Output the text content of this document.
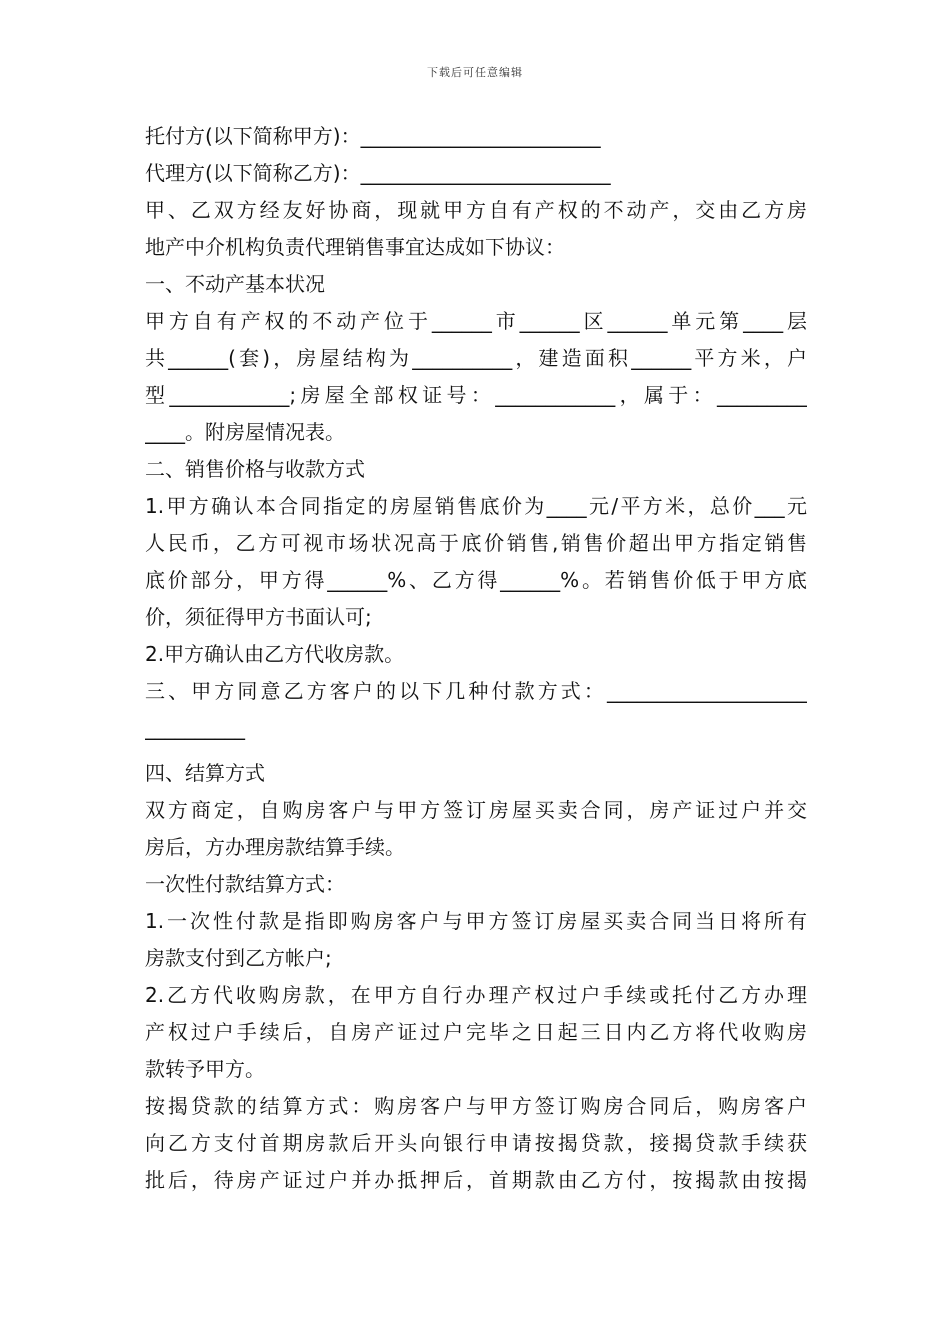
下载后可任意编辑
托付方(以下简称甲方)：________________________
代理方(以下简称乙方)：_________________________
甲、乙双方经友好协商，现就甲方自有产权的不动产，交由乙方房
地产中介机构负责代理销售事宜达成如下协议：
一、不动产基本状况
甲方自有产权的不动产位于______市______区______单元第____层
共______(套)，房屋结构为__________，建造面积______平方米，户
型____________;房屋全部权证号：____________，属于：_________
____。附房屋情况表。
二、销售价格与收款方式
1.甲方确认本合同指定的房屋销售底价为____元/平方米，总价___元
人民币，乙方可视市场状况高于底价销售,销售价超出甲方指定销售
底价部分，甲方得______%、乙方得______%。若销售价低于甲方底
价，须征得甲方书面认可;
2.甲方确认由乙方代收房款。
三、甲方同意乙方客户的以下几种付款方式：____________________
__________
四、结算方式
双方商定，自购房客户与甲方签订房屋买卖合同，房产证过户并交
房后，方办理房款结算手续。
一次性付款结算方式：
1.一次性付款是指即购房客户与甲方签订房屋买卖合同当日将所有
房款支付到乙方帐户;
2.乙方代收购房款，在甲方自行办理产权过户手续或托付乙方办理
产权过户手续后，自房产证过户完毕之日起三日内乙方将代收购房
款转予甲方。
按揭贷款的结算方式：购房客户与甲方签订购房合同后，购房客户
向乙方支付首期房款后开头向银行申请按揭贷款，接揭贷款手续获
批后，待房产证过户并办抵押后，首期款由乙方付，按揭款由按揭
